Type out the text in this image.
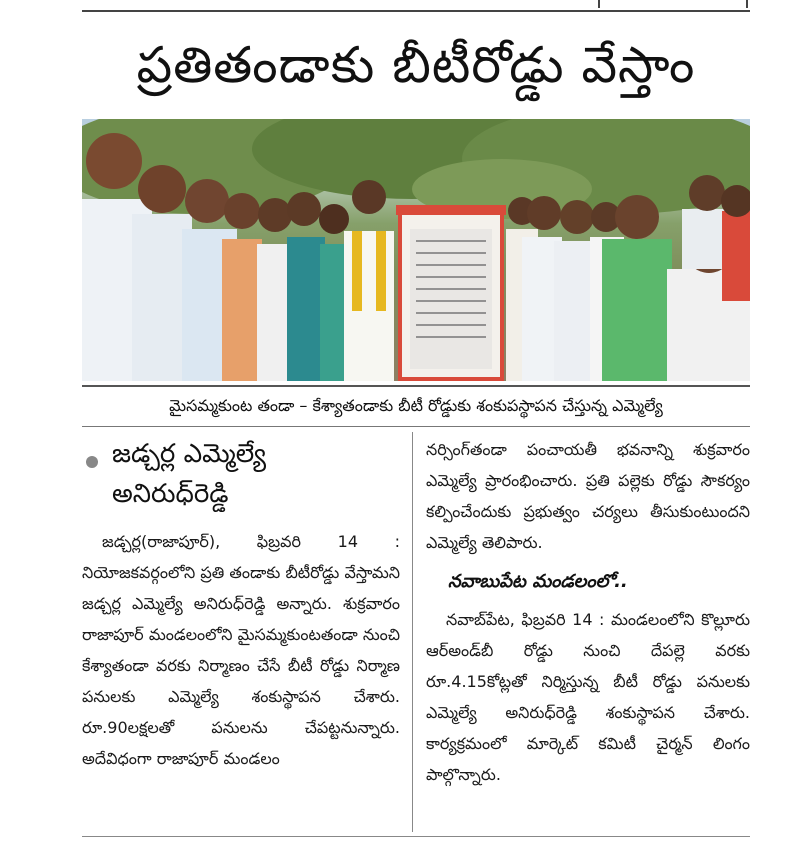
ప్రతితండాకు బీటీరోడ్డు వేస్తాం
మైసమ్మకుంట తండా – కేశ్యాతండాకు బీటీ రోడ్డుకు శంకుపస్థాపన చేస్తున్న ఎమ్మెల్యే
జడ్చర్ల ఎమ్మెల్యే
అనిరుధ్‌రెడ్డి

జడ్చర్ల(రాజాపూర్), ఫిబ్రవరి 14 : నియోజకవర్గంలోని ప్రతి తండాకు బీటీరోడ్డు వేస్తామని జడ్చర్ల ఎమ్మెల్యే అనిరుధ్‌రెడ్డి అన్నారు. శుక్రవారం రాజాపూర్ మండలంలోని మైసమ్మకుంటతండా నుంచి కేశ్యాతండా వరకు నిర్మాణం చేసే బీటీ రోడ్డు నిర్మాణ పనులకు ఎమ్మెల్యే శంకుస్థాపన చేశారు. రూ.90లక్షలతో పనులను చేపట్టనున్నారు. అదేవిధంగా రాజాపూర్ మండలం

నర్సింగ్‌తండా పంచాయతీ భవనాన్ని శుక్రవారం ఎమ్మెల్యే ప్రారంభించారు. ప్రతి పల్లెకు రోడ్డు సౌకర్యం కల్పించేందుకు ప్రభుత్వం చర్యలు తీసుకుంటుందని ఎమ్మెల్యే తెలిపారు.

నవాబుపేట మండలంలో..

నవాబ్‌పేట, ఫిబ్రవరి 14 : మండలంలోని కొల్లూరు ఆర్అండ్‌బీ రోడ్డు నుంచి దేపల్లె వరకు రూ.4.15కోట్లతో నిర్మిస్తున్న బీటీ రోడ్డు పనులకు ఎమ్మెల్యే అనిరుధ్‌రెడ్డి శంకుస్థాపన చేశారు. కార్యక్రమంలో మార్కెట్ కమిటీ చైర్మన్ లింగం పాల్గొన్నారు.
